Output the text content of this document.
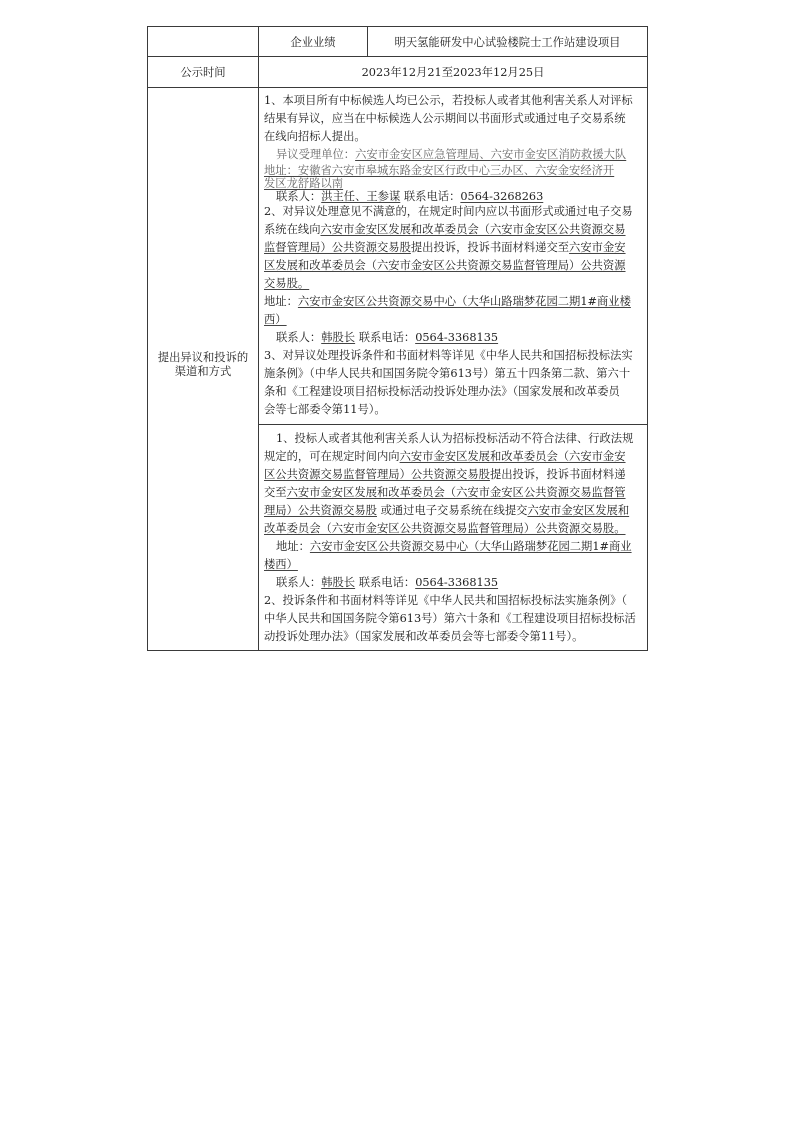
企业业绩	明天氢能研发中心试验楼院士工作站建设项目
公示时间	2023年12月21至2023年12月25日
提出异议和投诉的
渠道和方式
1、本项目所有中标候选人均已公示，若投标人或者其他利害关系人对评标
结果有异议，应当在中标候选人公示期间以书面形式或通过电子交易系统
在线向招标人提出。
异议受理单位：六安市金安区应急管理局、六安市金安区消防救援大队
地址：安徽省六安市皋城东路金安区行政中心三办区、六安金安经济开
发区龙舒路以南
联系人：洪主任、王参谋 联系电话：0564-3268263
2、对异议处理意见不满意的，在规定时间内应以书面形式或通过电子交易
系统在线向六安市金安区发展和改革委员会（六安市金安区公共资源交易
监督管理局）公共资源交易股提出投诉，投诉书面材料递交至六安市金安
区发展和改革委员会（六安市金安区公共资源交易监督管理局）公共资源
交易股。
地址：六安市金安区公共资源交易中心（大华山路瑞梦花园二期1#商业楼
西）
联系人：韩股长 联系电话：0564-3368135
3、对异议处理投诉条件和书面材料等详见《中华人民共和国招标投标法实
施条例》（中华人民共和国国务院令第613号）第五十四条第二款、第六十
条和《工程建设项目招标投标活动投诉处理办法》（国家发展和改革委员
会等七部委令第11号）。
1、投标人或者其他利害关系人认为招标投标活动不符合法律、行政法规
规定的，可在规定时间内向六安市金安区发展和改革委员会（六安市金安
区公共资源交易监督管理局）公共资源交易股提出投诉，投诉书面材料递
交至六安市金安区发展和改革委员会（六安市金安区公共资源交易监督管
理局）公共资源交易股 或通过电子交易系统在线提交六安市金安区发展和
改革委员会（六安市金安区公共资源交易监督管理局）公共资源交易股。
地址：六安市金安区公共资源交易中心（大华山路瑞梦花园二期1#商业
楼西）
联系人：韩股长 联系电话：0564-3368135
2、投诉条件和书面材料等详见《中华人民共和国招标投标法实施条例》（
中华人民共和国国务院令第613号）第六十条和《工程建设项目招标投标活
动投诉处理办法》（国家发展和改革委员会等七部委令第11号）。
